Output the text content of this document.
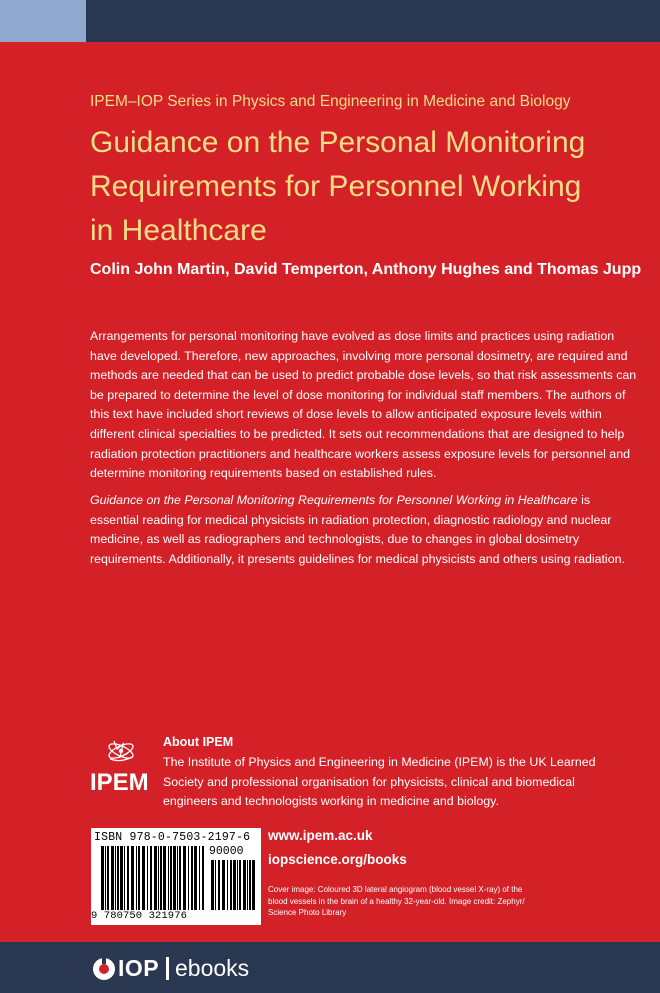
IPEM–IOP Series in Physics and Engineering in Medicine and Biology
Guidance on the Personal Monitoring
Requirements for Personnel Working
in Healthcare
Colin John Martin, David Temperton, Anthony Hughes and Thomas Jupp

Arrangements for personal monitoring have evolved as dose limits and practices using radiation have developed. Therefore, new approaches, involving more personal dosimetry, are required and methods are needed that can be used to predict probable dose levels, so that risk assessments can be prepared to determine the level of dose monitoring for individual staff members. The authors of this text have included short reviews of dose levels to allow anticipated exposure levels within different clinical specialties to be predicted. It sets out recommendations that are designed to help radiation protection practitioners and healthcare workers assess exposure levels for personnel and determine monitoring requirements based on established rules.

Guidance on the Personal Monitoring Requirements for Personnel Working in Healthcare is essential reading for medical physicists in radiation protection, diagnostic radiology and nuclear medicine, as well as radiographers and technologists, due to changes in global dosimetry requirements. Additionally, it presents guidelines for medical physicists and others using radiation.

IPEM
About IPEM

The Institute of Physics and Engineering in Medicine (IPEM) is the UK Learned Society and professional organisation for physicists, clinical and biomedical engineers and technologists working in medicine and biology.

ISBN 978-0-7503-2197-6
90000
9 780750 321976
www.ipem.ac.uk
iopscience.org/books

Cover image: Coloured 3D lateral angiogram (blood vessel X-ray) of the blood vessels in the brain of a healthy 32-year-old. Image credit: Zephyr/ Science Photo Library

IOP ebooks
